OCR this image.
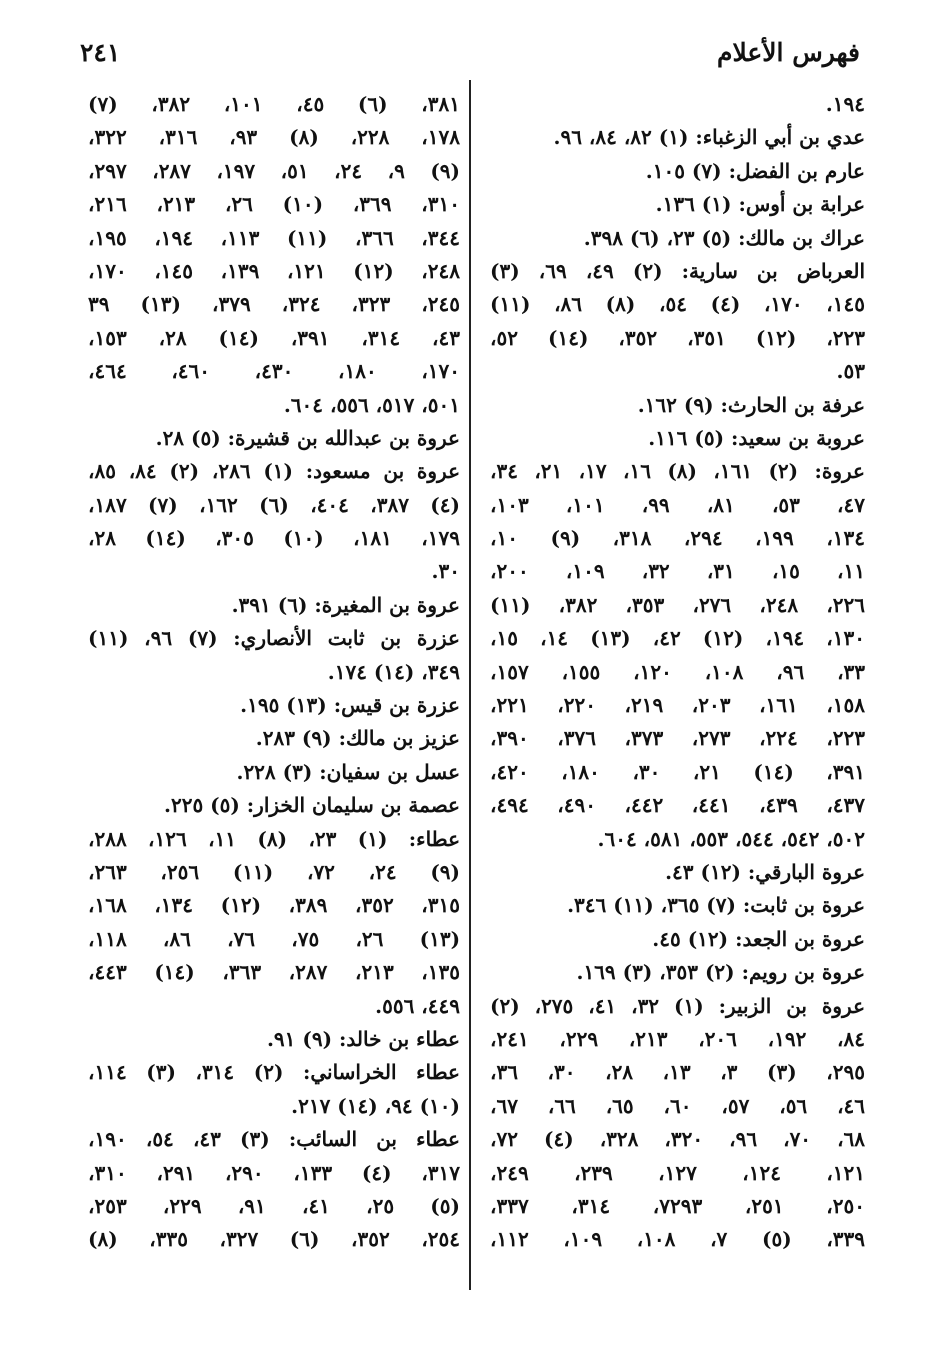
٢٤١	فهرس الأعلام
١٩٤.
عدي بن أبي الزغباء: (١) ٨٢، ٨٤، ٩٦.
عارم بن الفضل: (٧) ١٠٥.
عرابة بن أوس: (١) ١٣٦.
عراك بن مالك: (٥) ٢٣، (٦) ٣٩٨.
العرباض بن سارية: (٢) ٤٩، ٦٩، (٣)
١٤٥، ١٧٠، (٤) ٥٤، (٨) ٨٦، (١١)
٢٢٣، (١٢) ٣٥١، ٣٥٢، (١٤) ٥٢،
٥٣.
عرفة بن الحارث: (٩) ١٦٢.
عروبة بن سعيد: (٥) ١١٦.
عروة: (٢) ١٦١، (٨) ١٦، ١٧، ٢١، ٣٤،
٤٧، ٥٣، ٨١، ٩٩، ١٠١، ١٠٣،
١٣٤، ١٩٩، ٢٩٤، ٣١٨، (٩) ١٠،
١١، ١٥، ٣١، ٣٢، ١٠٩، ٢٠٠،
٢٢٦، ٢٤٨، ٢٧٦، ٣٥٣، ٣٨٢، (١١)
١٣٠، ١٩٤، (١٢) ٤٢، (١٣) ١٤، ١٥،
٣٣، ٩٦، ١٠٨، ١٢٠، ١٥٥، ١٥٧،
١٥٨، ١٦١، ٢٠٣، ٢١٩، ٢٢٠، ٢٢١،
٢٢٣، ٢٢٤، ٢٧٣، ٣٧٣، ٣٧٦، ٣٩٠،
٣٩١، (١٤) ٢١، ٣٠، ١٨٠، ٤٢٠،
٤٣٧، ٤٣٩، ٤٤١، ٤٤٢، ٤٩٠، ٤٩٤،
٥٠٢، ٥٤٢، ٥٤٤، ٥٥٣، ٥٨١، ٦٠٤.
عروة البارقي: (١٢) ٤٣.
عروة بن ثابت: (٧) ٣٦٥، (١١) ٣٤٦.
عروة بن الجعد: (١٢) ٤٥.
عروة بن رويم: (٢) ٣٥٣، (٣) ١٦٩.
عروة بن الزبير: (١) ٣٢، ٤١، ٢٧٥، (٢)
٨٤، ١٩٢، ٢٠٦، ٢١٣، ٢٢٩، ٢٤١،
٢٩٥، (٣) ٣، ١٣، ٢٨، ٣٠، ٣٦،
٤٦، ٥٦، ٥٧، ٦٠، ٦٥، ٦٦، ٦٧،
٦٨، ٧٠، ٩٦، ٣٢٠، ٣٢٨، (٤) ٧٢،
١٢١، ١٢٤، ١٢٧، ٢٣٩، ٢٤٩،
٢٥٠، ٢٥١، ٧٢٩٣، ٣١٤، ٣٣٧،
٣٣٩، (٥) ٧، ١٠٨، ١٠٩، ١١٢،
٣٨١، (٦) ٤٥، ١٠١، ٣٨٢، (٧)
١٧٨، ٢٢٨، (٨) ٩٣، ٣١٦، ٣٢٢،
(٩) ٩، ٢٤، ٥١، ١٩٧، ٢٨٧، ٢٩٧،
٣١٠، ٣٦٩، (١٠) ٢٦، ٢١٣، ٢١٦،
٣٤٤، ٣٦٦، (١١) ١١٣، ١٩٤، ١٩٥،
٢٤٨، (١٢) ١٢١، ١٣٩، ١٤٥، ١٧٠،
٢٤٥، ٣٢٣، ٣٢٤، ٣٧٩، (١٣) ٣٩
٤٣، ٣١٤، ٣٩١، (١٤) ٢٨، ١٥٣،
١٧٠، ١٨٠، ٤٣٠، ٤٦٠، ٤٦٤،
٥٠١، ٥١٧، ٥٥٦، ٦٠٤.
عروة بن عبدالله بن قشيرة: (٥) ٢٨.
عروة بن مسعود: (١) ٢٨٦، (٢) ٨٤، ٨٥،
(٤) ٣٨٧، ٤٠٤، (٦) ١٦٢، (٧) ١٨٧،
١٧٩، ١٨١، (١٠) ٣٠٥، (١٤) ٢٨،
٣٠.
عروة بن المغيرة: (٦) ٣٩١.
عزرة بن ثابت الأنصاري: (٧) ٩٦، (١١)
٣٤٩، (١٤) ١٧٤.
عزرة بن قيس: (١٣) ١٩٥.
عزيز بن مالك: (٩) ٢٨٣.
عسل بن سفيان: (٣) ٢٢٨.
عصمة بن سليمان الخزار: (٥) ٢٢٥.
عطاء: (١) ٢٣، (٨) ١١، ١٢٦، ٢٨٨،
(٩) ٢٤، ٧٢، (١١) ٢٥٦، ٢٦٣،
٣١٥، ٣٥٢، ٣٨٩، (١٢) ١٣٤، ١٦٨،
(١٣) ٢٦، ٧٥، ٧٦، ٨٦، ١١٨،
١٣٥، ٢١٣، ٢٨٧، ٣٦٣، (١٤) ٤٤٣،
٤٤٩، ٥٥٦.
عطاء بن خالد: (٩) ٩١.
عطاء الخراساني: (٢) ٣١٤، (٣) ١١٤،
(١٠) ٩٤، (١٤) ٢١٧.
عطاء بن السائب: (٣) ٤٣، ٥٤، ١٩٠،
٣١٧، (٤) ١٣٣، ٢٩٠، ٢٩١، ٣١٠،
(٥) ٢٥، ٤١، ٩١، ٢٢٩، ٢٥٣،
٢٥٤، ٣٥٢، (٦) ٣٢٧، ٣٣٥، (٨)
